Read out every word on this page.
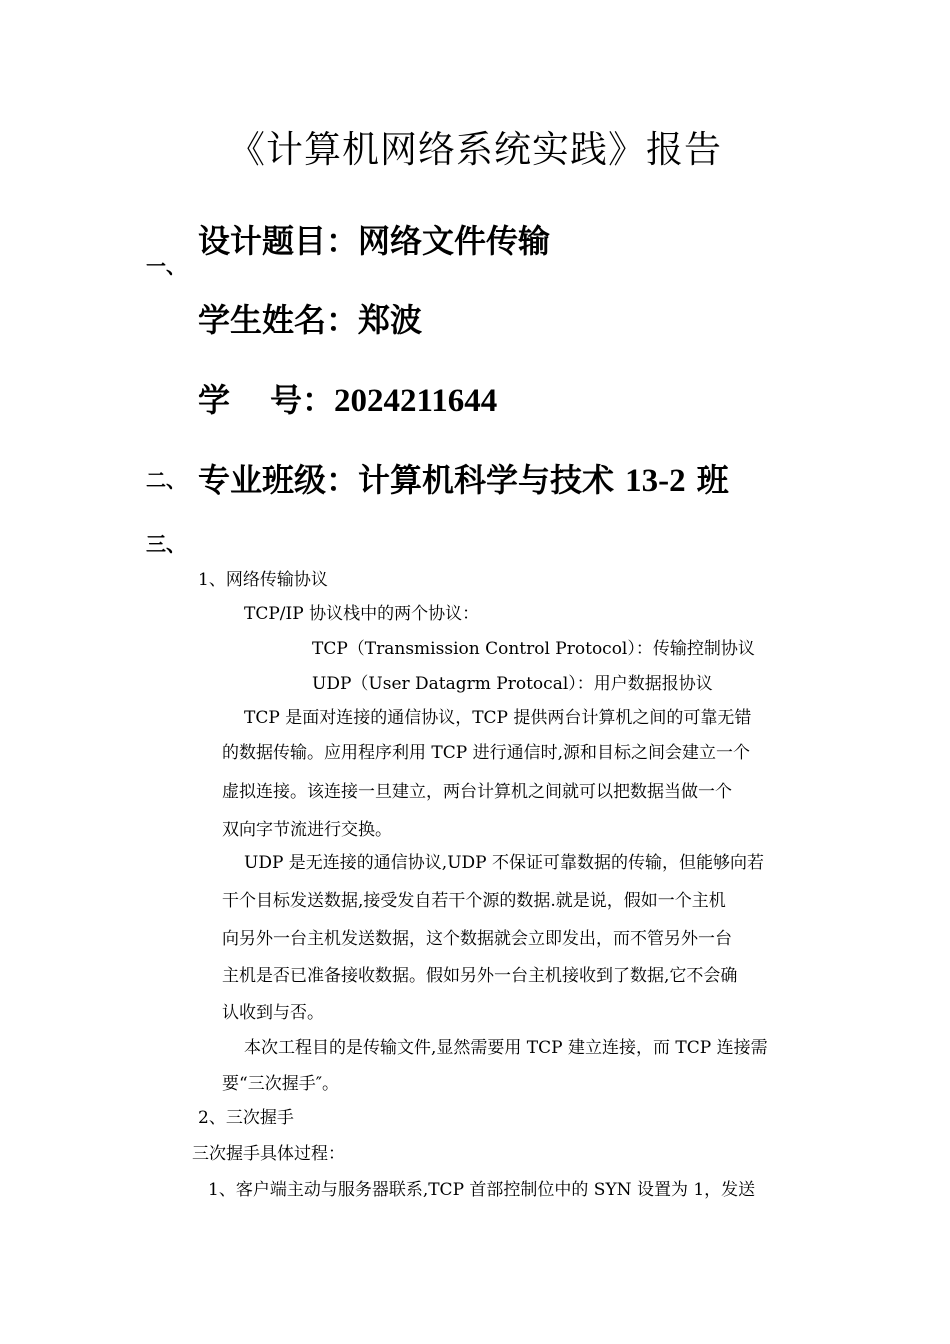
《计算机网络系统实践》报告
一、
二、
三、
设计题目：网络文件传输
学生姓名：郑波
学 号：2024211644
专业班级：计算机科学与技术 13-2 班
1、网络传输协议
TCP/IP 协议栈中的两个协议：
TCP（Transmission Control Protocol）：传输控制协议
UDP（User Datagrm Protocal）：用户数据报协议
TCP 是面对连接的通信协议，TCP 提供两台计算机之间的可靠无错
的数据传输。应用程序利用 TCP 进行通信时,源和目标之间会建立一个
虚拟连接。该连接一旦建立，两台计算机之间就可以把数据当做一个
双向字节流进行交换。
UDP 是无连接的通信协议,UDP 不保证可靠数据的传输，但能够向若
干个目标发送数据,接受发自若干个源的数据.就是说，假如一个主机
向另外一台主机发送数据，这个数据就会立即发出，而不管另外一台
主机是否已准备接收数据。假如另外一台主机接收到了数据,它不会确
认收到与否。
本次工程目的是传输文件,显然需要用 TCP 建立连接，而 TCP 连接需
要“三次握手″。
2、三次握手
三次握手具体过程：
1、客户端主动与服务器联系,TCP 首部控制位中的 SYN 设置为 1，发送
